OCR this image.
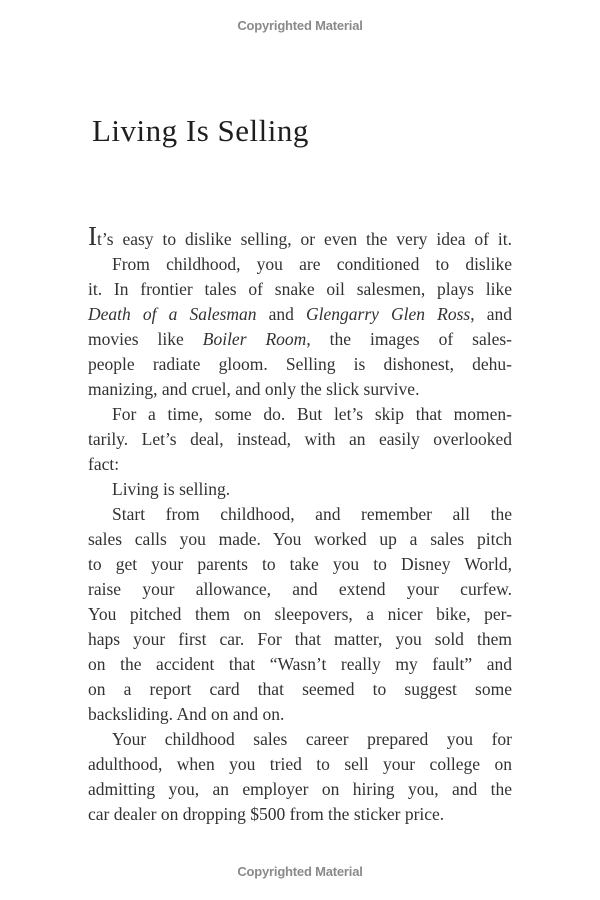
Copyrighted Material
Living Is Selling
It’s easy to dislike selling, or even the very idea of it.
From childhood, you are conditioned to dislike
it. In frontier tales of snake oil salesmen, plays like
Death of a Salesman and Glengarry Glen Ross, and
movies like Boiler Room, the images of sales-
people radiate gloom. Selling is dishonest, dehu-
manizing, and cruel, and only the slick survive.
For a time, some do. But let’s skip that momen-
tarily. Let’s deal, instead, with an easily overlooked
fact:
Living is selling.
Start from childhood, and remember all the
sales calls you made. You worked up a sales pitch
to get your parents to take you to Disney World,
raise your allowance, and extend your curfew.
You pitched them on sleepovers, a nicer bike, per-
haps your first car. For that matter, you sold them
on the accident that “Wasn’t really my fault” and
on a report card that seemed to suggest some
backsliding. And on and on.
Your childhood sales career prepared you for
adulthood, when you tried to sell your college on
admitting you, an employer on hiring you, and the
car dealer on dropping $500 from the sticker price.
Copyrighted Material
